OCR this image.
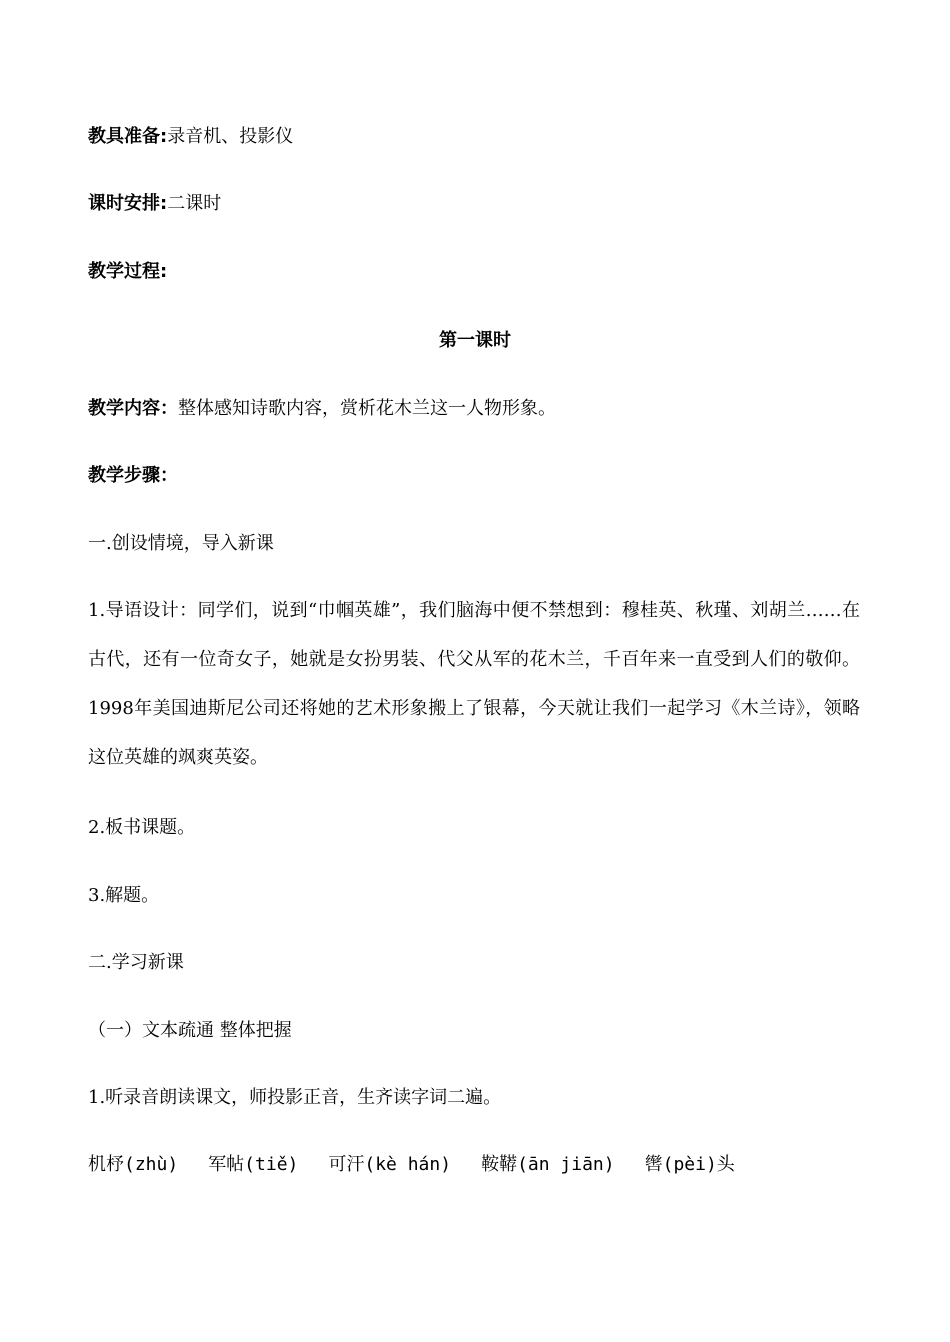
教具准备:录音机、投影仪
课时安排:二课时
教学过程:
第一课时
教学内容：整体感知诗歌内容，赏析花木兰这一人物形象。
教学步骤：
一.创设情境，导入新课
1.导语设计：同学们，说到“巾帼英雄”，我们脑海中便不禁想到：穆桂英、秋瑾、刘胡兰……在古代，还有一位奇女子，她就是女扮男装、代父从军的花木兰，千百年来一直受到人们的敬仰。1998年美国迪斯尼公司还将她的艺术形象搬上了银幕，今天就让我们一起学习《木兰诗》，领略这位英雄的飒爽英姿。
2.板书课题。
3.解题。
二.学习新课
（一）文本疏通 整体把握
1.听录音朗读课文，师投影正音，生齐读字词二遍。
机杼(zhù) 军帖(tiě) 可汗(kè hán) 鞍鞯(ān jiān) 辔(pèi)头
